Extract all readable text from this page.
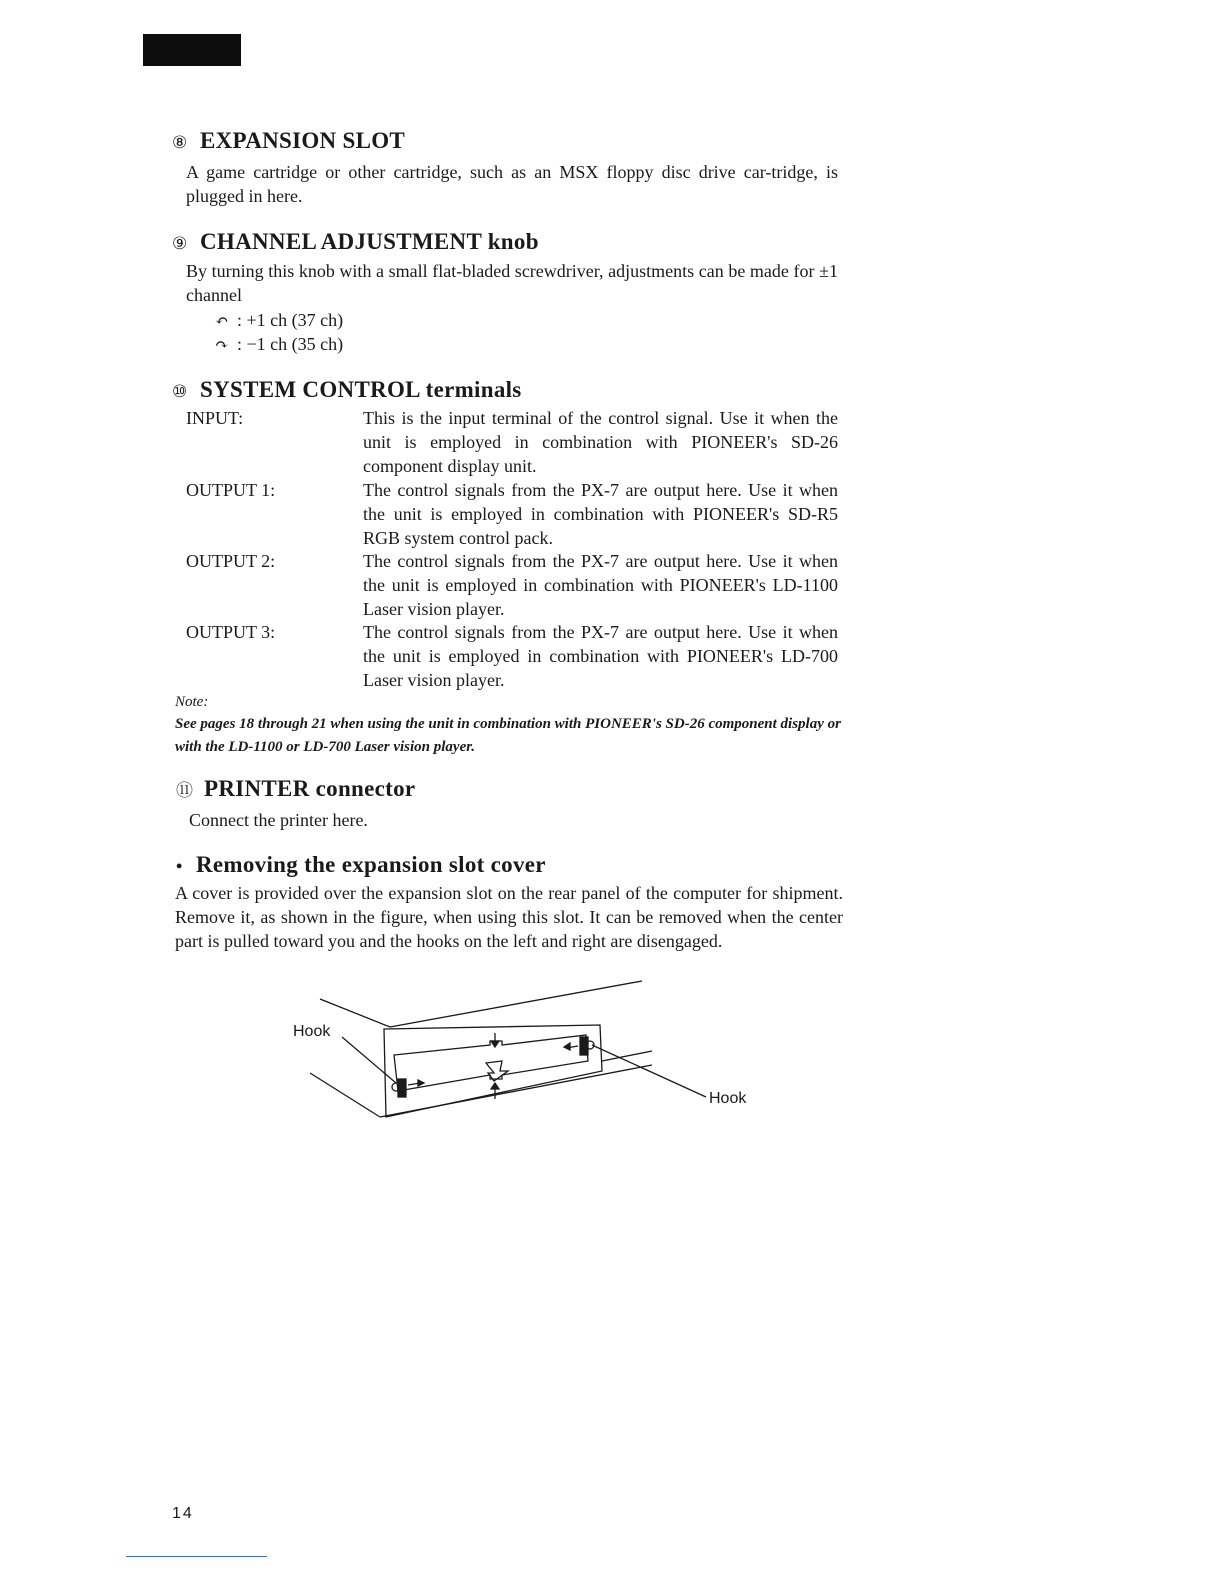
⑧ EXPANSION SLOT
A game cartridge or other cartridge, such as an MSX floppy disc drive car-tridge, is plugged in here.
⑨ CHANNEL ADJUSTMENT knob
By turning this knob with a small flat-bladed screwdriver, adjustments can be made for ±1 channel
↶ : +1 ch (37 ch)
↷ : −1 ch (35 ch)
⑩ SYSTEM CONTROL terminals
INPUT:	This is the input terminal of the control signal. Use it when the unit is employed in combination with PIONEER's SD-26 component display unit.
OUTPUT 1:	The control signals from the PX-7 are output here. Use it when the unit is employed in combination with PIONEER's SD-R5 RGB system control pack.
OUTPUT 2:	The control signals from the PX-7 are output here. Use it when the unit is employed in combination with PIONEER's LD-1100 Laser vision player.
OUTPUT 3:	The control signals from the PX-7 are output here. Use it when the unit is employed in combination with PIONEER's LD-700 Laser vision player.
Note:
See pages 18 through 21 when using the unit in combination with PIONEER's SD-26 component display or with the LD-1100 or LD-700 Laser vision player.
⑪ PRINTER connector
Connect the printer here.
• Removing the expansion slot cover
A cover is provided over the expansion slot on the rear panel of the computer for shipment. Remove it, as shown in the figure, when using this slot. It can be removed when the center part is pulled toward you and the hooks on the left and right are disengaged.
Hook
Hook
14
